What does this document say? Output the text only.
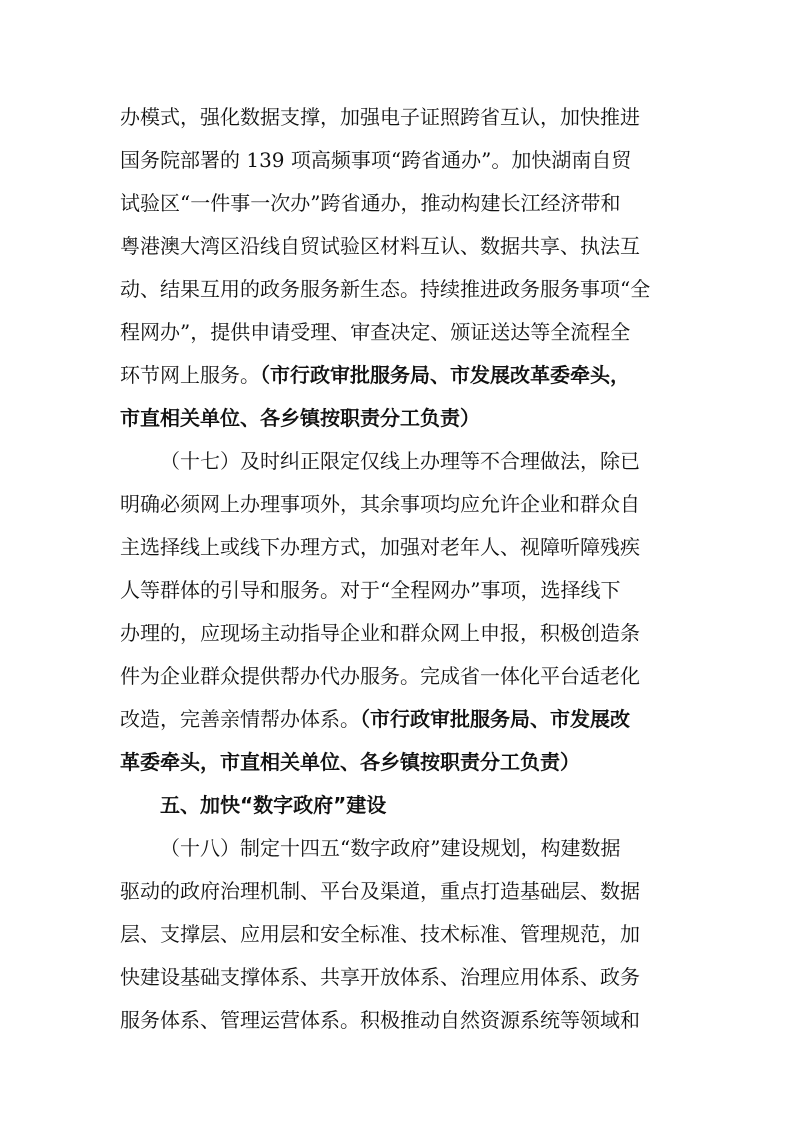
办模式，强化数据支撑，加强电子证照跨省互认，加快推进
国务院部署的 139 项高频事项“跨省通办”。加快湖南自贸
试验区“一件事一次办”跨省通办，推动构建长江经济带和
粤港澳大湾区沿线自贸试验区材料互认、数据共享、执法互
动、结果互用的政务服务新生态。持续推进政务服务事项“全
程网办”，提供申请受理、审查决定、颁证送达等全流程全
环节网上服务。（市行政审批服务局、市发展改革委牵头，
市直相关单位、各乡镇按职责分工负责）
（十七）及时纠正限定仅线上办理等不合理做法，除已
明确必须网上办理事项外，其余事项均应允许企业和群众自
主选择线上或线下办理方式，加强对老年人、视障听障残疾
人等群体的引导和服务。对于“全程网办”事项，选择线下
办理的，应现场主动指导企业和群众网上申报，积极创造条
件为企业群众提供帮办代办服务。完成省一体化平台适老化
改造，完善亲情帮办体系。（市行政审批服务局、市发展改
革委牵头，市直相关单位、各乡镇按职责分工负责）
五、加快“数字政府”建设
（十八）制定十四五“数字政府”建设规划，构建数据
驱动的政府治理机制、平台及渠道，重点打造基础层、数据
层、支撑层、应用层和安全标准、技术标准、管理规范，加
快建设基础支撑体系、共享开放体系、治理应用体系、政务
服务体系、管理运营体系。积极推动自然资源系统等领域和
